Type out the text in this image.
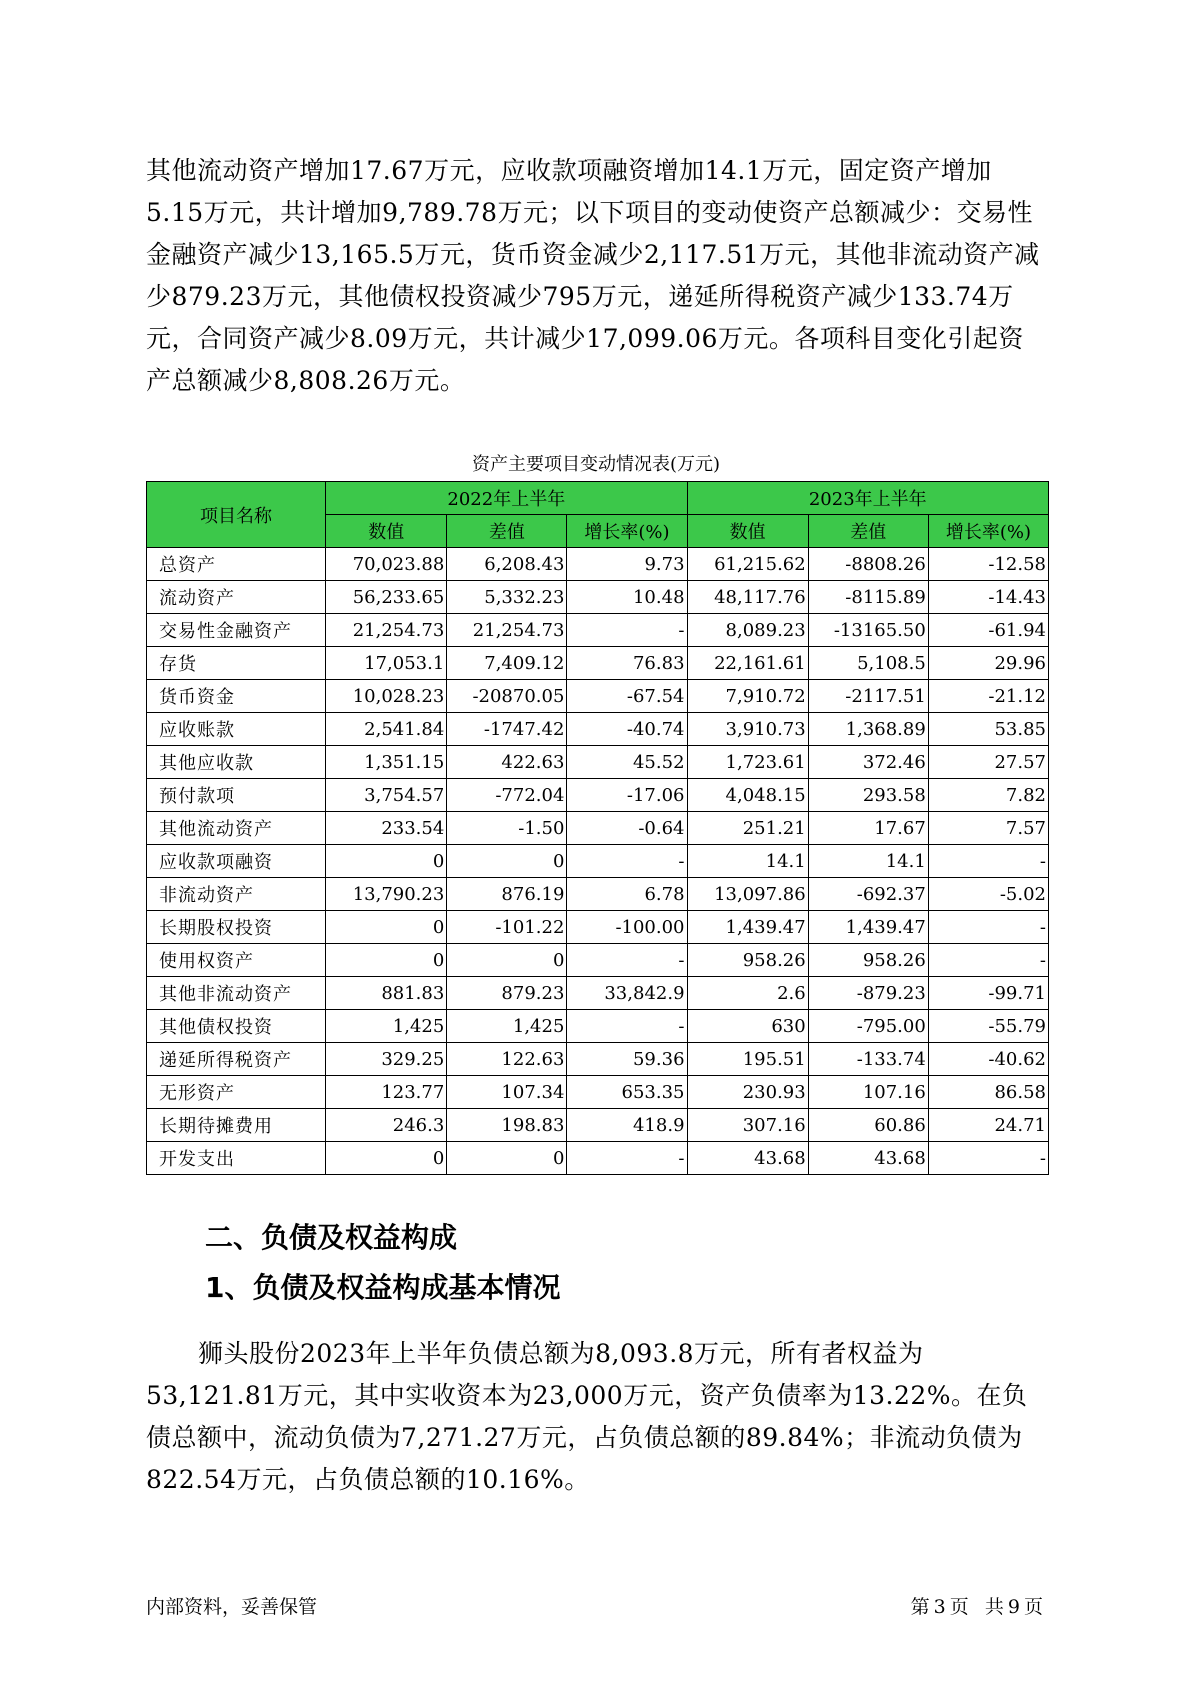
其他流动资产增加17.67万元，应收款项融资增加14.1万元，固定资产增加5.15万元，共计增加9,789.78万元；以下项目的变动使资产总额减少：交易性金融资产减少13,165.5万元，货币资金减少2,117.51万元，其他非流动资产减少879.23万元，其他债权投资减少795万元，递延所得税资产减少133.74万元，合同资产减少8.09万元，共计减少17,099.06万元。各项科目变化引起资产总额减少8,808.26万元。

资产主要项目变动情况表(万元)
项目名称	2022年上半年			2023年上半年		
	数值	差值	增长率(%)	数值	差值	增长率(%)
总资产	70,023.88	6,208.43	9.73	61,215.62	-8808.26	-12.58
流动资产	56,233.65	5,332.23	10.48	48,117.76	-8115.89	-14.43
交易性金融资产	21,254.73	21,254.73	-	8,089.23	-13165.50	-61.94
存货	17,053.1	7,409.12	76.83	22,161.61	5,108.5	29.96
货币资金	10,028.23	-20870.05	-67.54	7,910.72	-2117.51	-21.12
应收账款	2,541.84	-1747.42	-40.74	3,910.73	1,368.89	53.85
其他应收款	1,351.15	422.63	45.52	1,723.61	372.46	27.57
预付款项	3,754.57	-772.04	-17.06	4,048.15	293.58	7.82
其他流动资产	233.54	-1.50	-0.64	251.21	17.67	7.57
应收款项融资	0	0	-	14.1	14.1	-
非流动资产	13,790.23	876.19	6.78	13,097.86	-692.37	-5.02
长期股权投资	0	-101.22	-100.00	1,439.47	1,439.47	-
使用权资产	0	0	-	958.26	958.26	-
其他非流动资产	881.83	879.23	33,842.9	2.6	-879.23	-99.71
其他债权投资	1,425	1,425	-	630	-795.00	-55.79
递延所得税资产	329.25	122.63	59.36	195.51	-133.74	-40.62
无形资产	123.77	107.34	653.35	230.93	107.16	86.58
长期待摊费用	246.3	198.83	418.9	307.16	60.86	24.71
开发支出	0	0	-	43.68	43.68	-
二、负债及权益构成
1、负债及权益构成基本情况

狮头股份2023年上半年负债总额为8,093.8万元，所有者权益为53,121.81万元，其中实收资本为23,000万元，资产负债率为13.22%。在负债总额中，流动负债为7,271.27万元，占负债总额的89.84%；非流动负债为822.54万元，占负债总额的10.16%。

内部资料，妥善保管	第 3 页 共 9 页
